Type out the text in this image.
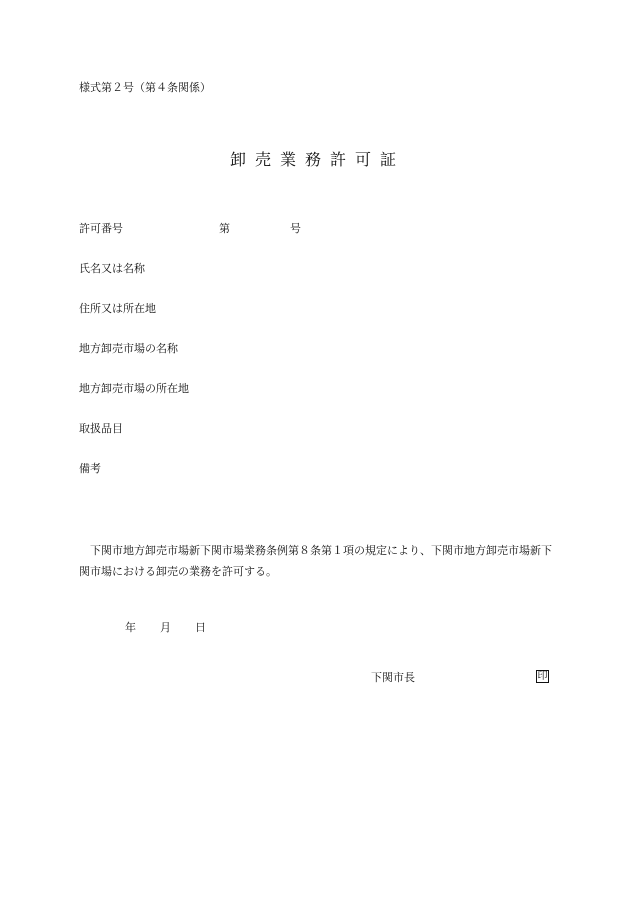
様式第２号（第４条関係）
卸売業務許可証
許可番号	第	号
氏名又は名称
住所又は所在地
地方卸売市場の名称
地方卸売市場の所在地
取扱品目
備考
下関市地方卸売市場新下関市場業務条例第８条第１項の規定により、下関市地方卸売市場新下関市場における卸売の業務を許可する。
年 月 日
下関市長	印
